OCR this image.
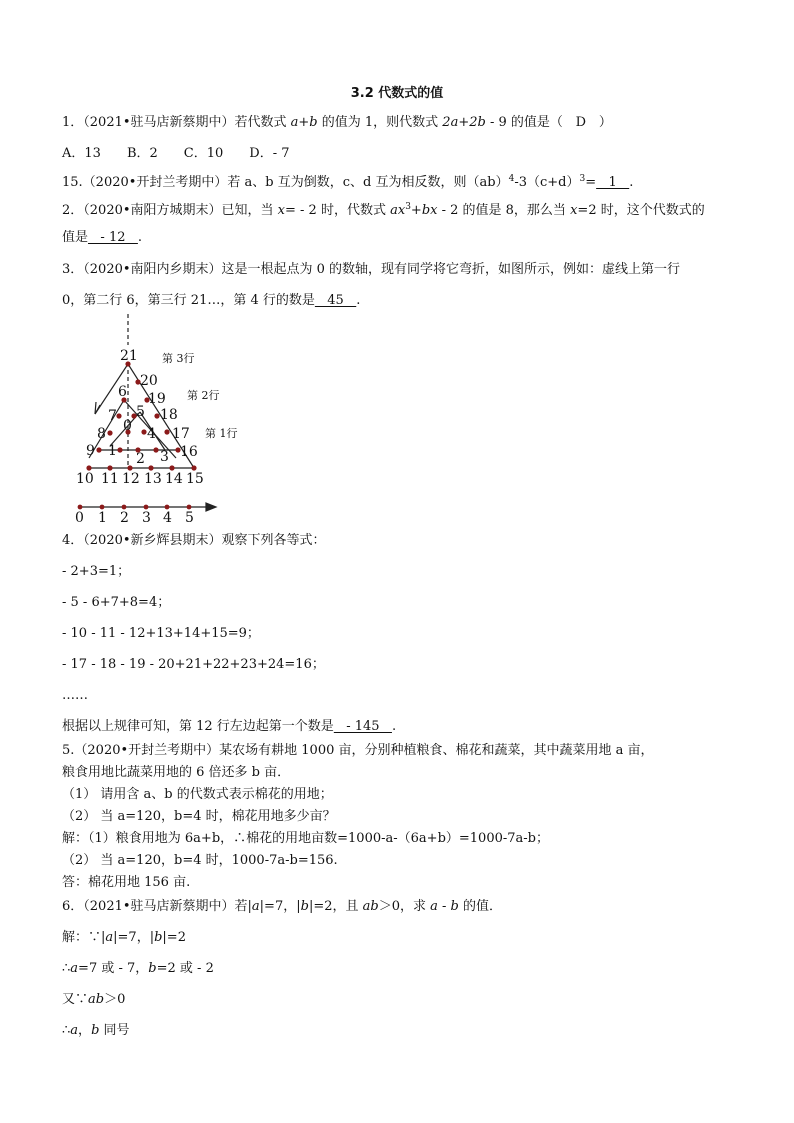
3.2 代数式的值
1．（2021•驻马店新蔡期中）若代数式 a+b 的值为 1，则代数式 2a+2b - 9 的值是（ D ）
A．13 B．2 C．10 D．- 7
15.（2020•开封兰考期中）若 a、b 互为倒数，c、d 互为相反数，则$(ab)^4-3(c+d)^3= 1$   .
2．（2020•南阳方城期末）已知，当 x= - 2 时，代数式 $ax^3+bx - 2$ 的值是 8，那么当 x=2 时，这个代数式的
值是   - 12   .
3．（2020•南阳内乡期末）这是一根起点为 0 的数轴，现有同学将它弯折，如图所示，例如：虚线上第一行
0，第二行 6，第三行 21…，第 4 行的数是   45   .
21
20
6 19
7 5 18
8 0 4 17
9 1 2 3 16
10 11 12 13 14 15
0 1 2 3 4 5
第 3行
第 2行
第 1行
4．（2020•新乡辉县期末）观察下列各等式：
- 2+3=1；
- 5 - 6+7+8=4；
- 10 - 11 - 12+13+14+15=9；
- 17 - 18 - 19 - 20+21+22+23+24=16；
……
根据以上规律可知，第 12 行左边起第一个数是   - 145   .
5.（2020•开封兰考期中）某农场有耕地 1000 亩，分别种植粮食、棉花和蔬菜，其中蔬菜用地 a 亩，
粮食用地比蔬菜用地的 6 倍还多 b 亩．
（1） 请用含 a、b 的代数式表示棉花的用地；
（2） 当 a=120，b=4 时，棉花用地多少亩？
解：（1）粮食用地为 6a+b，∴棉花的用地亩数=1000-a-（6a+b）=1000-7a-b；
（2） 当 a=120，b=4 时，1000-7a-b=156.
答：棉花用地 156 亩.
6．（2021•驻马店新蔡期中）若|a|=7，|b|=2，且 ab＞0，求 a - b 的值．
解：∵|a|=7，|b|=2
∴a=7 或 - 7，b=2 或 - 2
又∵ab＞0
∴a，b 同号
